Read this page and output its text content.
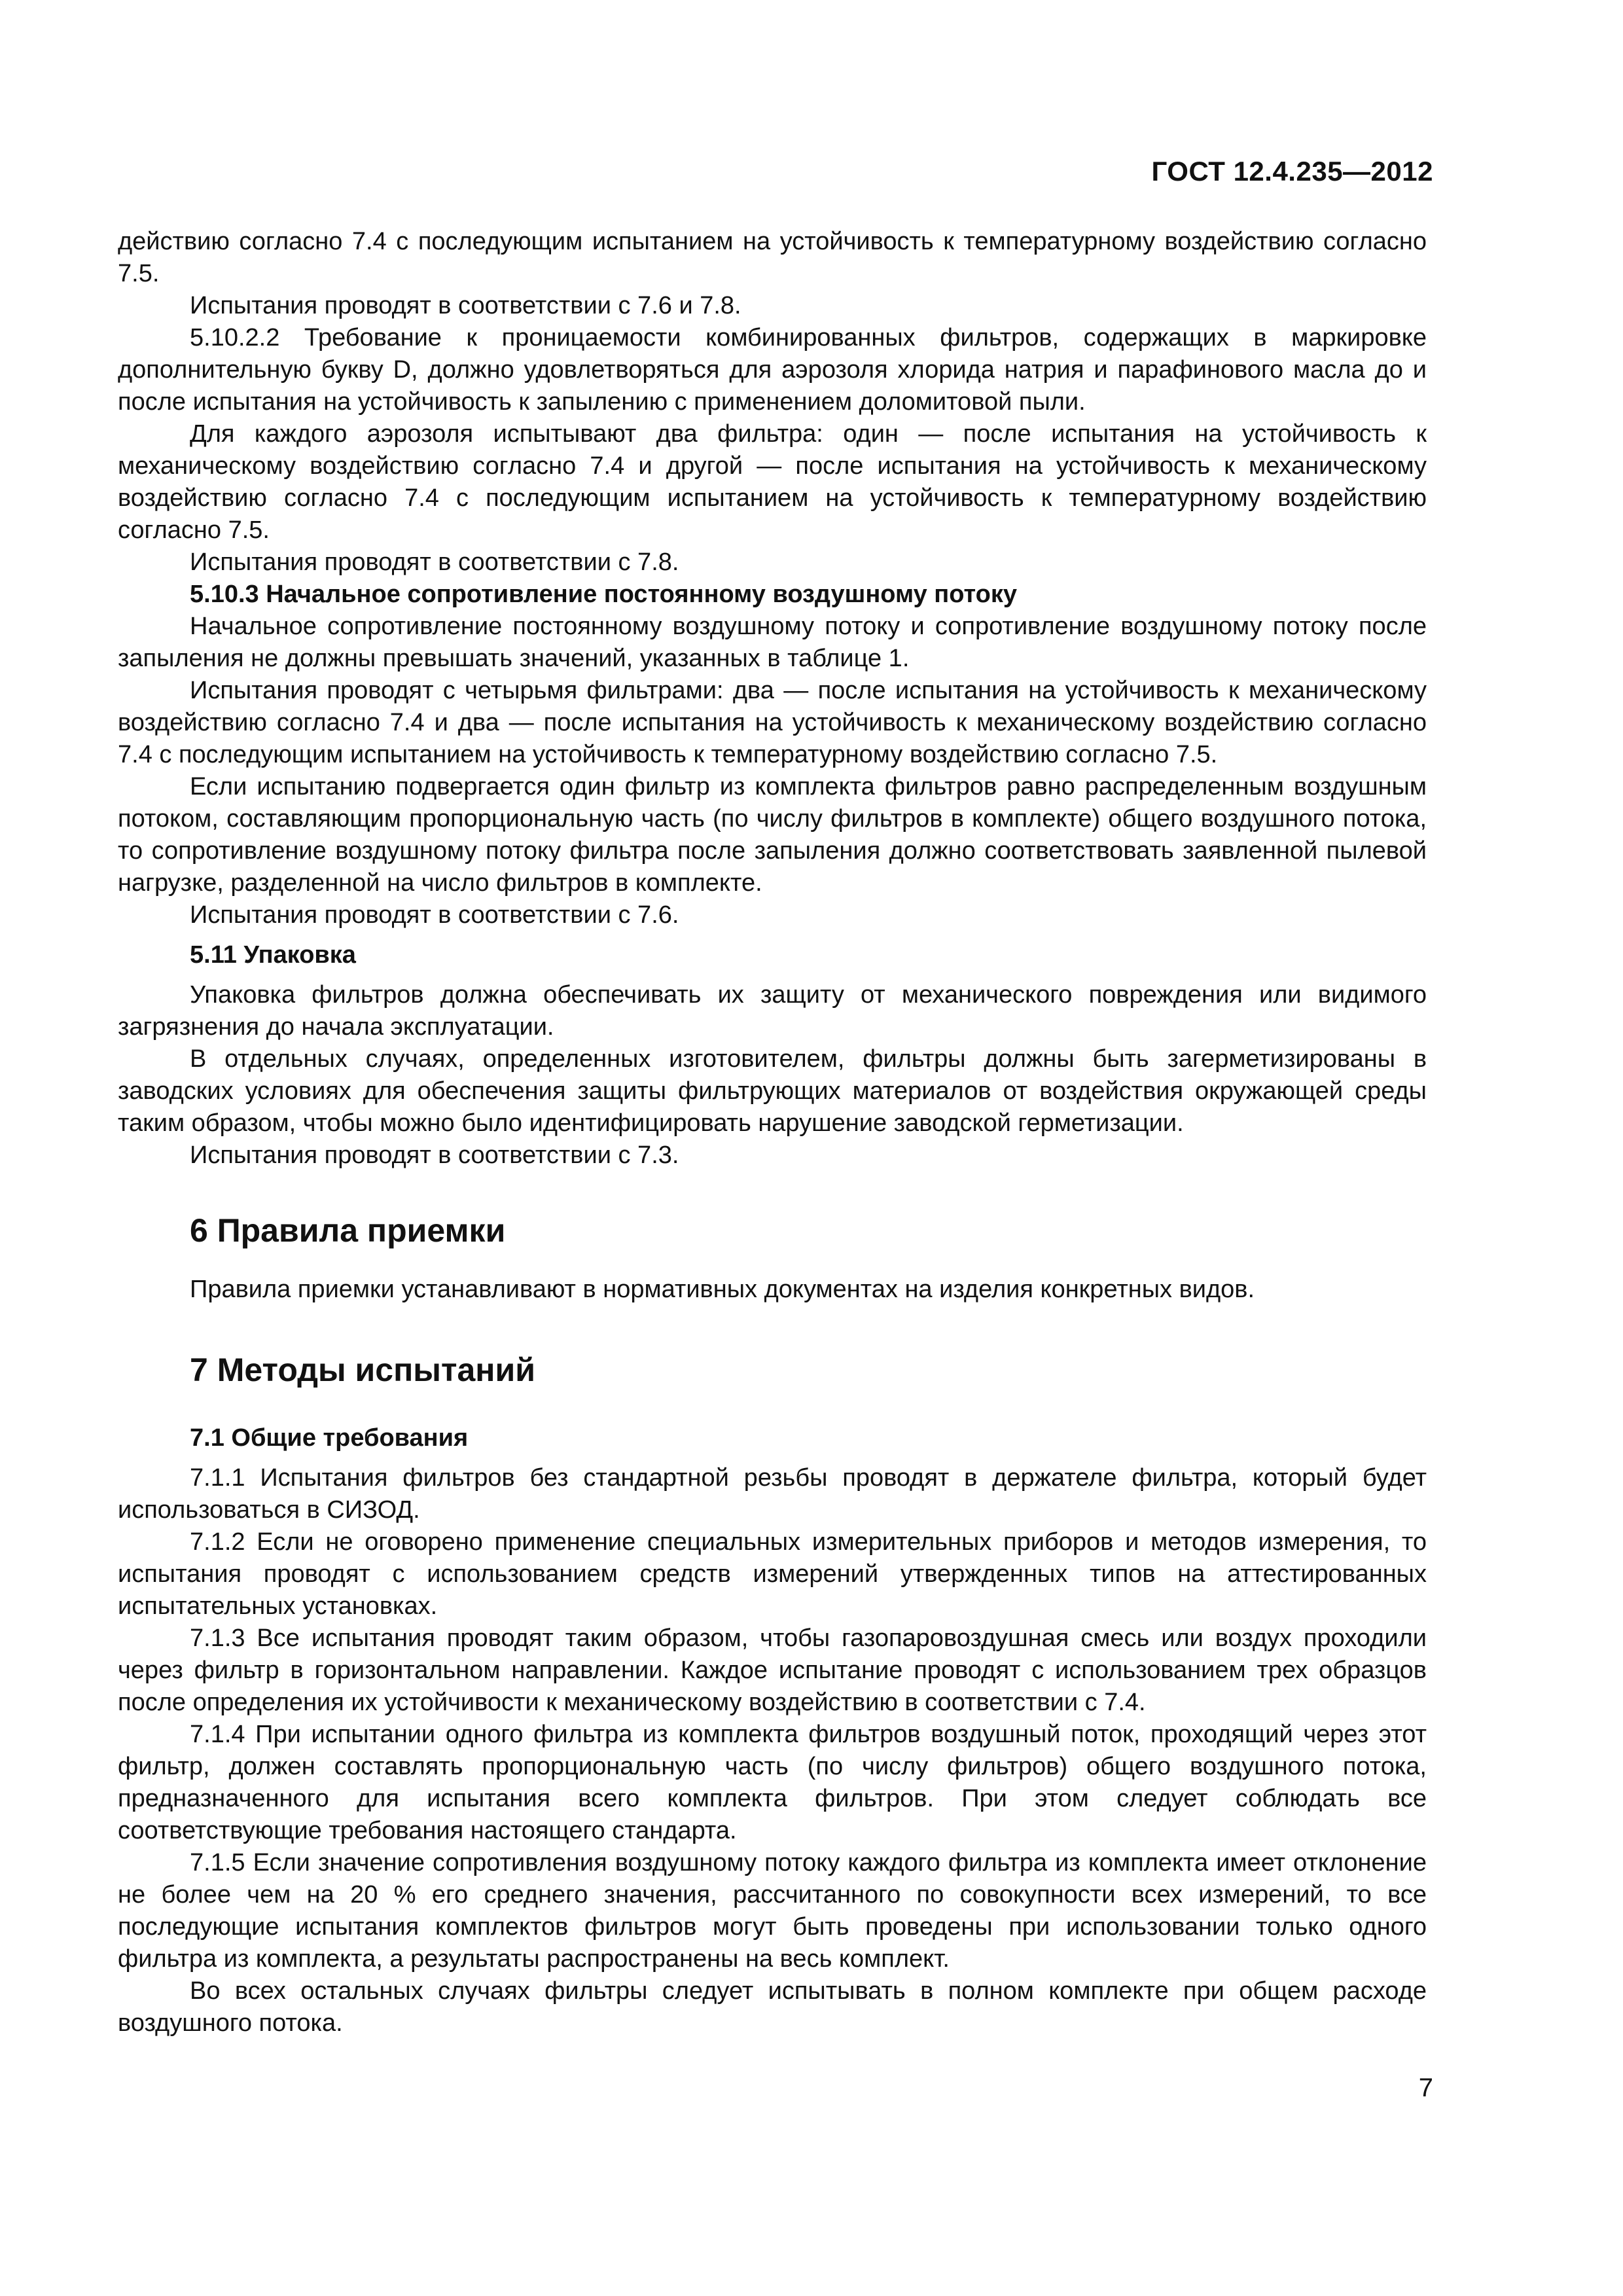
ГОСТ 12.4.235—2012

действию согласно 7.4 с последующим испытанием на устойчивость к температурному воздействию согласно 7.5.

Испытания проводят в соответствии с 7.6 и 7.8.

5.10.2.2 Требование к проницаемости комбинированных фильтров, содержащих в маркировке дополнительную букву D, должно удовлетворяться для аэрозоля хлорида натрия и парафинового масла до и после испытания на устойчивость к запылению с применением доломитовой пыли.

Для каждого аэрозоля испытывают два фильтра: один — после испытания на устойчивость к механическому воздействию согласно 7.4 и другой — после испытания на устойчивость к механическому воздействию согласно 7.4 с последующим испытанием на устойчивость к температурному воздействию согласно 7.5.

Испытания проводят в соответствии с 7.8.

5.10.3 Начальное сопротивление постоянному воздушному потоку

Начальное сопротивление постоянному воздушному потоку и сопротивление воздушному потоку после запыления не должны превышать значений, указанных в таблице 1.

Испытания проводят с четырьмя фильтрами: два — после испытания на устойчивость к механическому воздействию согласно 7.4 и два — после испытания на устойчивость к механическому воздействию согласно 7.4 с последующим испытанием на устойчивость к температурному воздействию согласно 7.5.

Если испытанию подвергается один фильтр из комплекта фильтров равно распределенным воздушным потоком, составляющим пропорциональную часть (по числу фильтров в комплекте) общего воздушного потока, то сопротивление воздушному потоку фильтра после запыления должно соответствовать заявленной пылевой нагрузке, разделенной на число фильтров в комплекте.

Испытания проводят в соответствии с 7.6.

5.11 Упаковка

Упаковка фильтров должна обеспечивать их защиту от механического повреждения или видимого загрязнения до начала эксплуатации.

В отдельных случаях, определенных изготовителем, фильтры должны быть загерметизированы в заводских условиях для обеспечения защиты фильтрующих материалов от воздействия окружающей среды таким образом, чтобы можно было идентифицировать нарушение заводской герметизации.

Испытания проводят в соответствии с 7.3.

6 Правила приемки

Правила приемки устанавливают в нормативных документах на изделия конкретных видов.

7 Методы испытаний
7.1 Общие требования

7.1.1 Испытания фильтров без стандартной резьбы проводят в держателе фильтра, который будет использоваться в СИЗОД.

7.1.2 Если не оговорено применение специальных измерительных приборов и методов измерения, то испытания проводят с использованием средств измерений утвержденных типов на аттестированных испытательных установках.

7.1.3 Все испытания проводят таким образом, чтобы газопаровоздушная смесь или воздух проходили через фильтр в горизонтальном направлении. Каждое испытание проводят с использованием трех образцов после определения их устойчивости к механическому воздействию в соответствии с 7.4.

7.1.4 При испытании одного фильтра из комплекта фильтров воздушный поток, проходящий через этот фильтр, должен составлять пропорциональную часть (по числу фильтров) общего воздушного потока, предназначенного для испытания всего комплекта фильтров. При этом следует соблюдать все соответствующие требования настоящего стандарта.

7.1.5 Если значение сопротивления воздушному потоку каждого фильтра из комплекта имеет отклонение не более чем на 20 % его среднего значения, рассчитанного по совокупности всех измерений, то все последующие испытания комплектов фильтров могут быть проведены при использовании только одного фильтра из комплекта, а результаты распространены на весь комплект.

Во всех остальных случаях фильтры следует испытывать в полном комплекте при общем расходе воздушного потока.

7
